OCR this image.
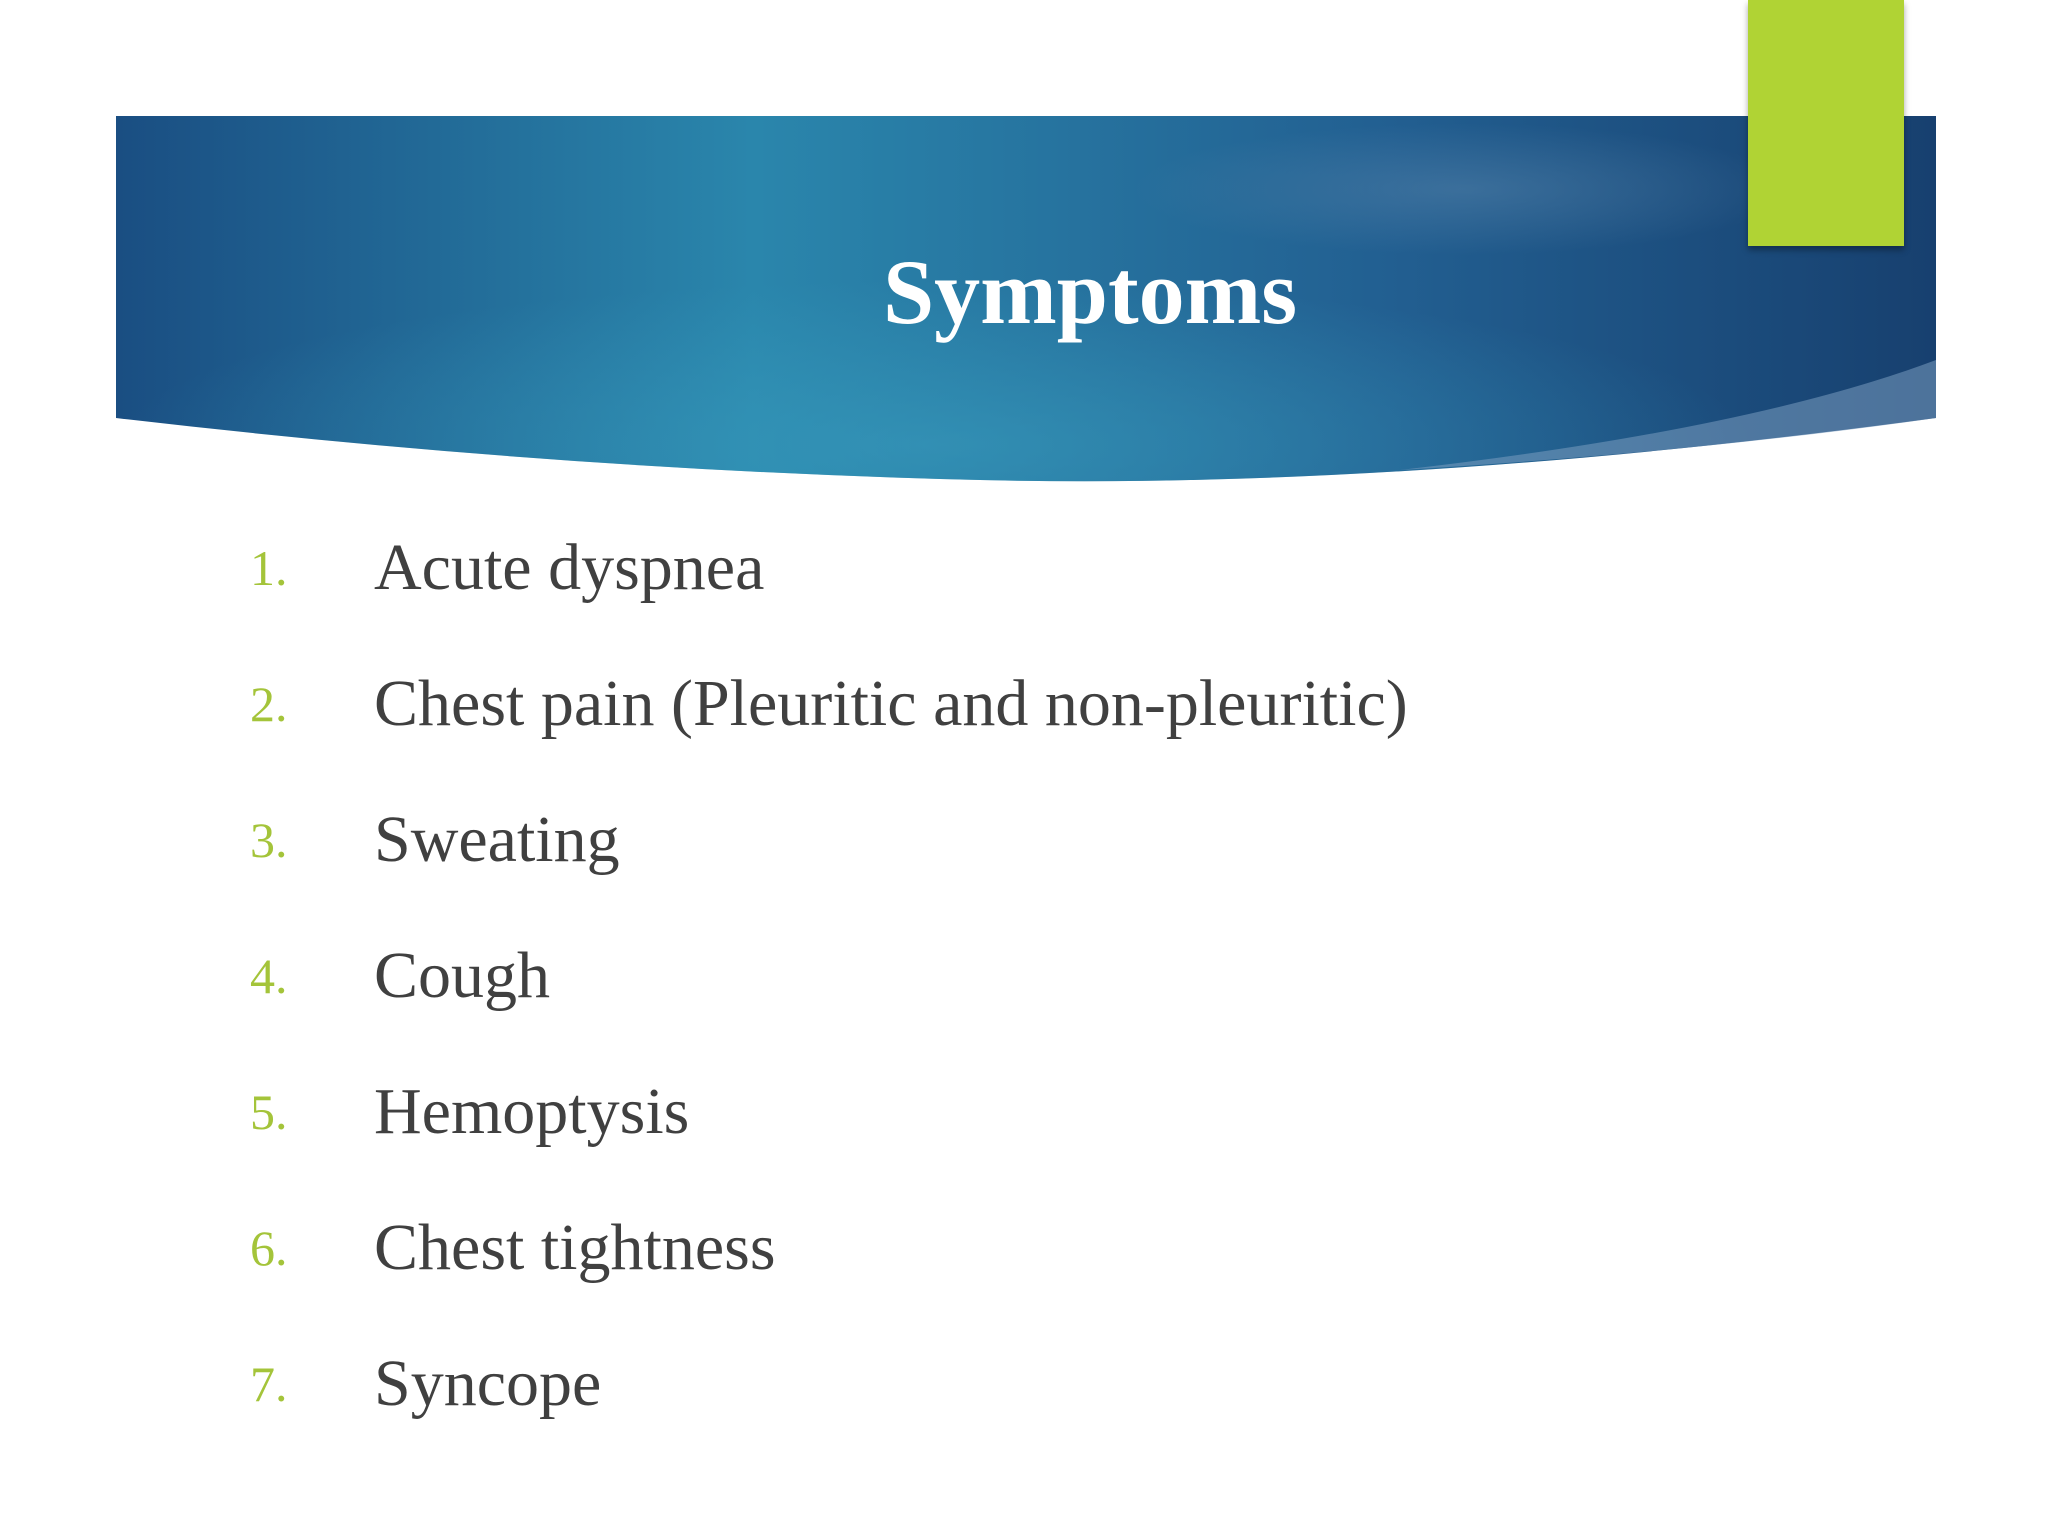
Symptoms
1.	Acute dyspnea
2.	Chest pain (Pleuritic and non-pleuritic)
3.	Sweating
4.	Cough
5.	Hemoptysis
6.	Chest tightness
7.	Syncope
